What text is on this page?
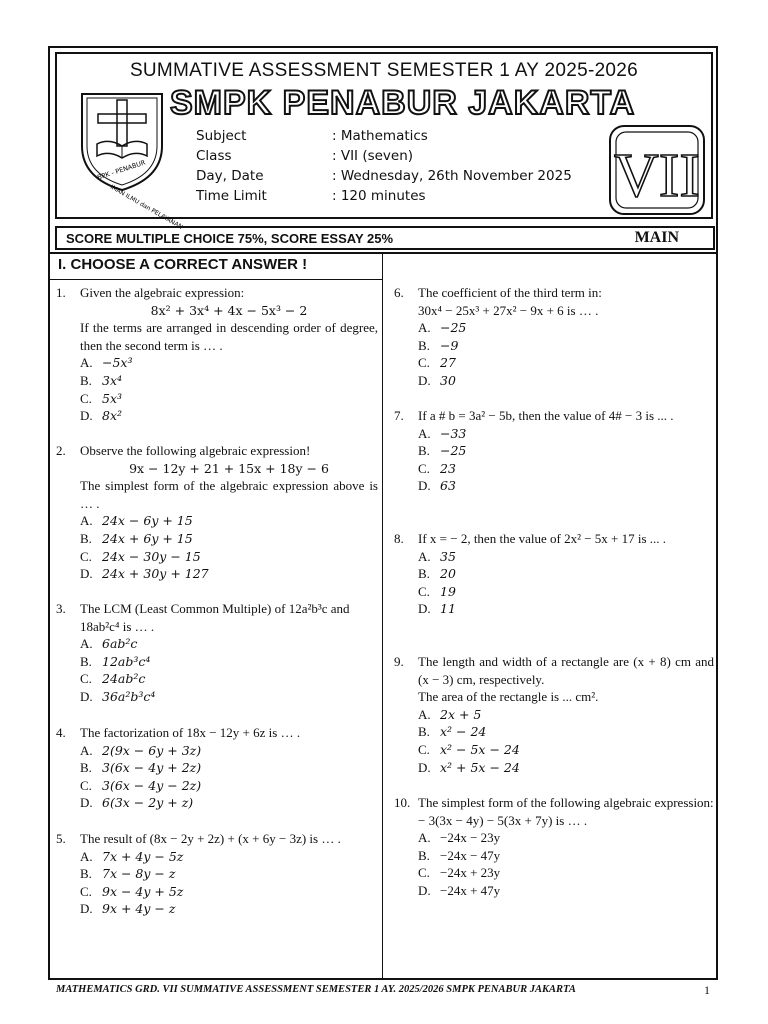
SUMMATIVE ASSESSMENT SEMESTER 1 AY 2025-2026
SMPK PENABUR JAKARTA
BPK - PENABUR
IMAN ILMU dan PELAYANAN
Subject	: Mathematics
Class	: VII (seven)
Day, Date	: Wednesday, 26th November 2025
Time Limit	: 120 minutes	VII
SCORE MULTIPLE CHOICE 75%, SCORE ESSAY 25%	MAIN
I. CHOOSE A CORRECT ANSWER !
1. Given the algebraic expression:
8x² + 3x⁴ + 4x − 5x³ − 2
If the terms are arranged in descending order of degree, then the second term is … .
A. −5x³
B. 3x⁴
C. 5x³
D. 8x²
2. Observe the following algebraic expression!
9x − 12y + 21 + 15x + 18y − 6
The simplest form of the algebraic expression above is … .
A. 24x − 6y + 15
B. 24x + 6y + 15
C. 24x − 30y − 15
D. 24x + 30y + 127
3. The LCM (Least Common Multiple) of 12a²b³c and 18ab²c⁴ is … .
A. 6ab²c
B. 12ab³c⁴
C. 24ab²c
D. 36a²b³c⁴
4. The factorization of 18x − 12y + 6z is … .
A. 2(9x − 6y + 3z)
B. 3(6x − 4y + 2z)
C. 3(6x − 4y − 2z)
D. 6(3x − 2y + z)
5. The result of (8x − 2y + 2z) + (x + 6y − 3z) is … .
A. 7x + 4y − 5z
B. 7x − 8y − z
C. 9x − 4y + 5z
D. 9x + 4y − z
6. The coefficient of the third term in:
30x⁴ − 25x³ + 27x² − 9x + 6 is … .
A. −25
B. −9
C. 27
D. 30
7. If a # b = 3a² − 5b, then the value of 4# − 3 is ... .
A. −33
B. −25
C. 23
D. 63
8. If x = − 2, then the value of 2x² − 5x + 17 is ... .
A. 35
B. 20
C. 19
D. 11
9. The length and width of a rectangle are (x + 8) cm and (x − 3) cm, respectively.
The area of the rectangle is ... cm².
A. 2x + 5
B. x² − 24
C. x² − 5x − 24
D. x² + 5x − 24
10. The simplest form of the following algebraic expression:
− 3(3x − 4y) − 5(3x + 7y) is … .
A. −24x − 23y
B. −24x − 47y
C. −24x + 23y
D. −24x + 47y
MATHEMATICS GRD. VII SUMMATIVE ASSESSMENT SEMESTER 1 AY. 2025/2026 SMPK PENABUR JAKARTA	1
